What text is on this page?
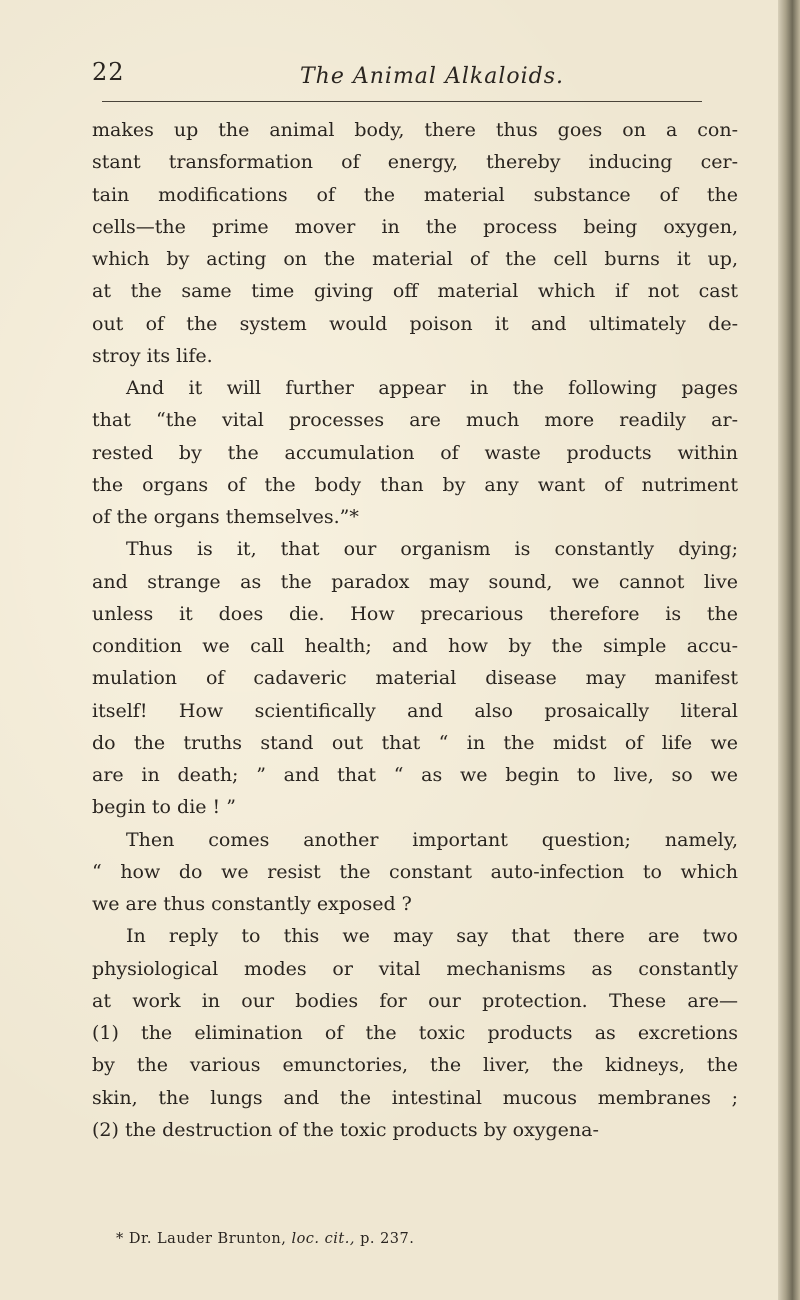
22	The Animal Alkaloids.
makes up the animal body, there thus goes on a con-
stant transformation of energy, thereby inducing cer-
tain modifications of the material substance of the
cells—the prime mover in the process being oxygen,
which by acting on the material of the cell burns it up,
at the same time giving off material which if not cast
out of the system would poison it and ultimately de-
stroy its life.
And it will further appear in the following pages
that “the vital processes are much more readily ar-
rested by the accumulation of waste products within
the organs of the body than by any want of nutriment
of the organs themselves.”*
Thus is it, that our organism is constantly dying;
and strange as the paradox may sound, we cannot live
unless it does die. How precarious therefore is the
condition we call health; and how by the simple accu-
mulation of cadaveric material disease may manifest
itself! How scientifically and also prosaically literal
do the truths stand out that “ in the midst of life we
are in death; ” and that “ as we begin to live, so we
begin to die ! ”
Then comes another important question; namely,
“ how do we resist the constant auto-infection to which
we are thus constantly exposed ?
In reply to this we may say that there are two
physiological modes or vital mechanisms as constantly
at work in our bodies for our protection. These are—
(1) the elimination of the toxic products as excretions
by the various emunctories, the liver, the kidneys, the
skin, the lungs and the intestinal mucous membranes ;
(2) the destruction of the toxic products by oxygena-
* Dr. Lauder Brunton, loc. cit., p. 237.
